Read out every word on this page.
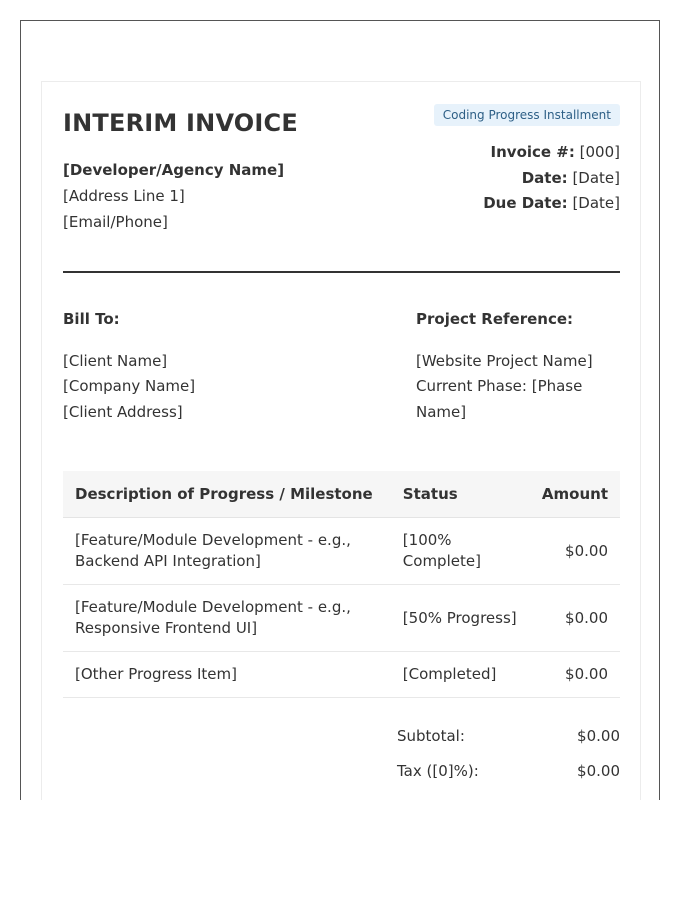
INTERIM INVOICE
[Developer/Agency Name]
[Address Line 1]
[Email/Phone]
Coding Progress Installment
Invoice #: [000]
Date: [Date]
Due Date: [Date]
Bill To:
[Client Name]
[Company Name]
[Client Address]
Project Reference:
[Website Project Name]
Current Phase: [Phase Name]
Description of Progress / Milestone	Status	Amount
[Feature/Module Development - e.g., Backend API Integration]	[100% Complete]	$0.00
[Feature/Module Development - e.g., Responsive Frontend UI]	[50% Progress]	$0.00
[Other Progress Item]	[Completed]	$0.00
Subtotal:	$0.00
Tax ([0]%):	$0.00
